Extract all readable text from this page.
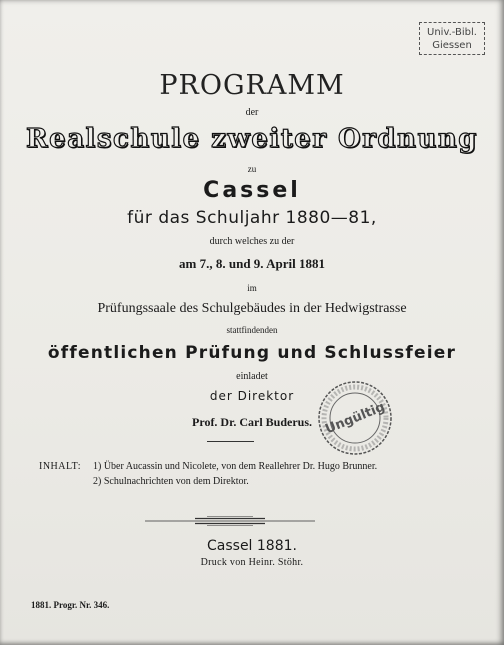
Univ.-Bibl.
Giessen
PROGRAMM
der
Realschule zweiter Ordnung
zu
Cassel
für das Schuljahr 1880—81,
durch welches zu der
am 7., 8. und 9. April 1881
im
Prüfungssaale des Schulgebäudes in der Hedwigstrasse
stattfindenden
öffentlichen Prüfung und Schlussfeier
einladet
der Direktor
Prof. Dr. Carl Buderus. Ungültig
INHALT: 1) Über Aucassin und Nicolete, von dem Reallehrer Dr. Hugo Brunner.
2) Schulnachrichten von dem Direktor.
Cassel 1881.
Druck von Heinr. Stöhr.
1881. Progr. Nr. 346.
